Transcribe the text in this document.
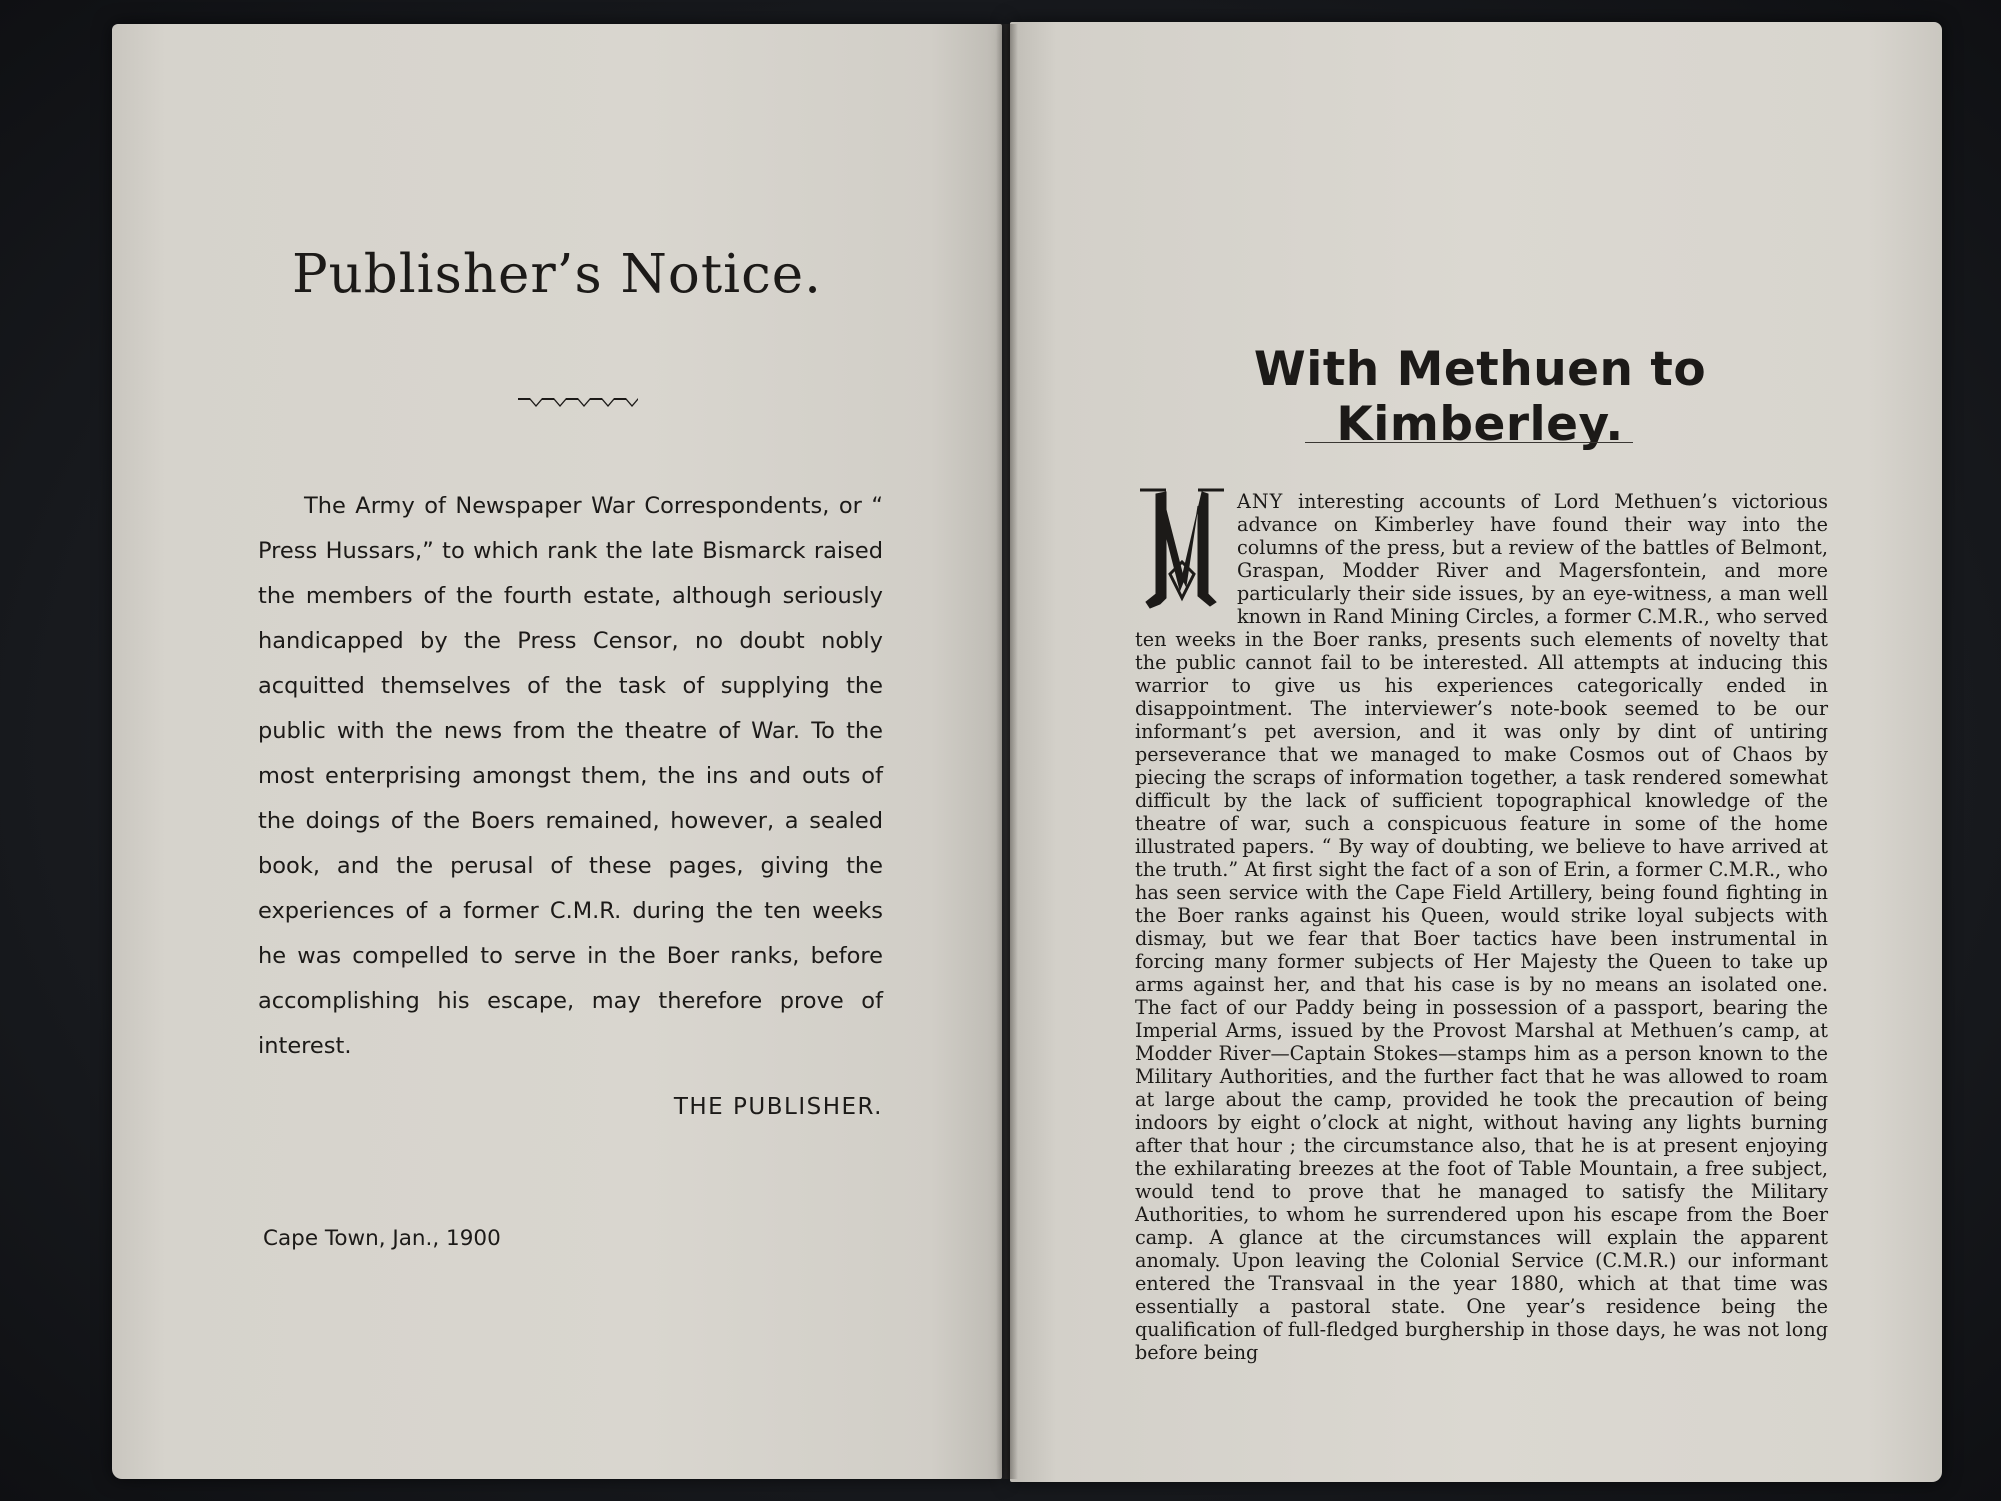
Publisher’s Notice.

The Army of Newspaper War Correspondents, or “ Press Hussars,” to which rank the late Bismarck raised the members of the fourth estate, although seriously handicapped by the Press Censor, no doubt nobly acquitted themselves of the task of supplying the public with the news from the theatre of War. To the most enterprising amongst them, the ins and outs of the doings of the Boers remained, however, a sealed book, and the perusal of these pages, giving the experiences of a former C.M.R. during the ten weeks he was compelled to serve in the Boer ranks, before accomplishing his escape, may therefore prove of interest.

THE PUBLISHER.
Cape Town, Jan., 1900
With Methuen to Kimberley.
ANY interesting accounts of Lord Methuen’s victorious advance on Kimberley have found their way into the columns of the press, but a review of the battles of Belmont, Graspan, Modder River and Magersfontein, and more particularly their side issues, by an eye-witness, a man well known in Rand Mining Circles, a former C.M.R., who served ten weeks in the Boer ranks, presents such elements of novelty that the public cannot fail to be interested. All attempts at inducing this warrior to give us his experiences categorically ended in disappointment. The interviewer’s note-book seemed to be our informant’s pet aversion, and it was only by dint of untiring perseverance that we managed to make Cosmos out of Chaos by piecing the scraps of information together, a task rendered somewhat difficult by the lack of sufficient topographical knowledge of the theatre of war, such a conspicuous feature in some of the home illustrated papers. “ By way of doubting, we believe to have arrived at the truth.” At first sight the fact of a son of Erin, a former C.M.R., who has seen service with the Cape Field Artillery, being found fighting in the Boer ranks against his Queen, would strike loyal subjects with dismay, but we fear that Boer tactics have been instrumental in forcing many former subjects of Her Majesty the Queen to take up arms against her, and that his case is by no means an isolated one. The fact of our Paddy being in possession of a passport, bearing the Imperial Arms, issued by the Provost Marshal at Methuen’s camp, at Modder River—Captain Stokes—stamps him as a person known to the Military Authorities, and the further fact that he was allowed to roam at large about the camp, provided he took the precaution of being indoors by eight o’clock at night, without having any lights burning after that hour ; the circumstance also, that he is at present enjoying the exhilarating breezes at the foot of Table Mountain, a free subject, would tend to prove that he managed to satisfy the Military Authorities, to whom he surrendered upon his escape from the Boer camp. A glance at the circumstances will explain the apparent anomaly. Upon leaving the Colonial Service (C.M.R.) our informant entered the Transvaal in the year 1880, which at that time was essentially a pastoral state. One year’s residence being the qualification of full-fledged burghership in those days, he was not long before being
